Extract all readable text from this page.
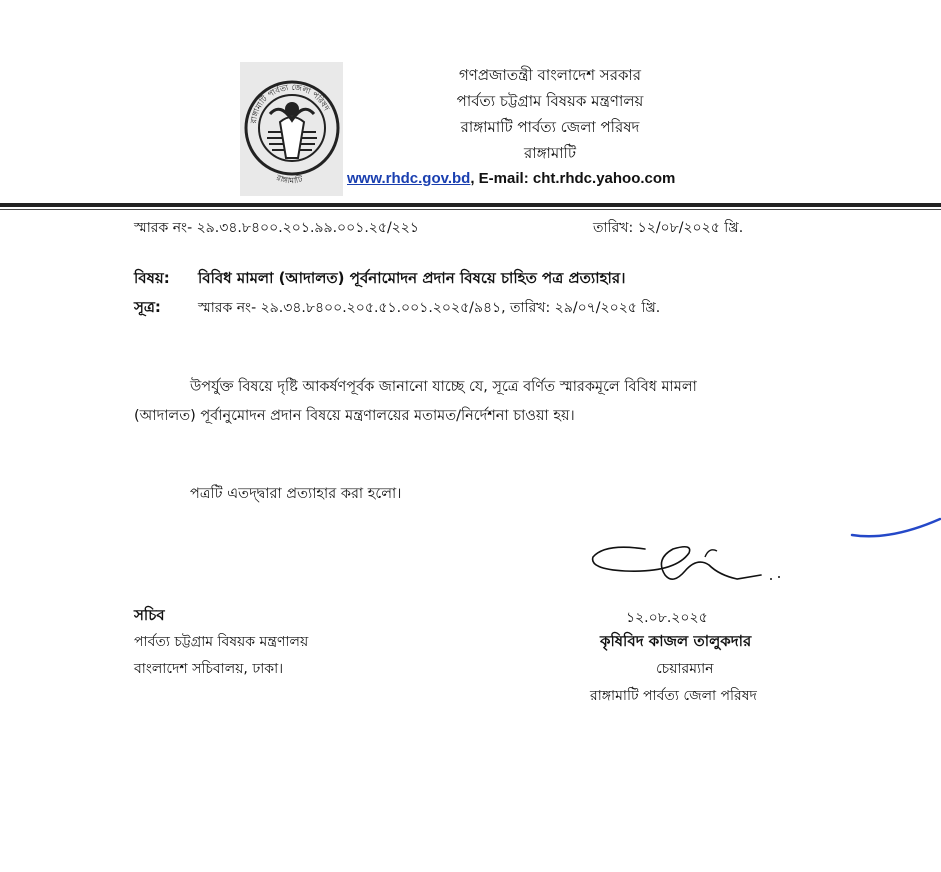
রাঙ্গামাটি পার্বত্য জেলা পরিষদ
রাঙ্গামাটি
গণপ্রজাতন্ত্রী বাংলাদেশ সরকার
পার্বত্য চট্টগ্রাম বিষয়ক মন্ত্রণালয়
রাঙ্গামাটি পার্বত্য জেলা পরিষদ
রাঙ্গামাটি
www.rhdc.gov.bd, E-mail: cht.rhdc.yahoo.com
স্মারক নং- ২৯.৩৪.৮৪০০.২০১.৯৯.০০১.২৫/২২১	তারিখ: ১২/০৮/২০২৫ খ্রি.
বিষয়: বিবিধ মামলা (আদালত) পূর্বনামোদন প্রদান বিষয়ে চাহিত পত্র প্রত্যাহার।
সূত্র:	স্মারক নং- ২৯.৩৪.৮৪০০.২০৫.৫১.০০১.২০২৫/৯৪১, তারিখ: ২৯/০৭/২০২৫ খ্রি.
উপর্যুক্ত বিষয়ে দৃষ্টি আকর্ষণপূর্বক জানানো যাচ্ছে যে, সূত্রে বর্ণিত স্মারকমূলে বিবিধ মামলা
(আদালত) পূর্বানুমোদন প্রদান বিষয়ে মন্ত্রণালয়ের মতামত/নির্দেশনা চাওয়া হয়।
পত্রটি এতদ্দ্বারা প্রত্যাহার করা হলো।
১২.০৮.২০২৫
কৃষিবিদ কাজল তালুকদার
চেয়ারম্যান
রাঙ্গামাটি পার্বত্য জেলা পরিষদ
সচিব
পার্বত্য চট্টগ্রাম বিষয়ক মন্ত্রণালয়
বাংলাদেশ সচিবালয়, ঢাকা।
